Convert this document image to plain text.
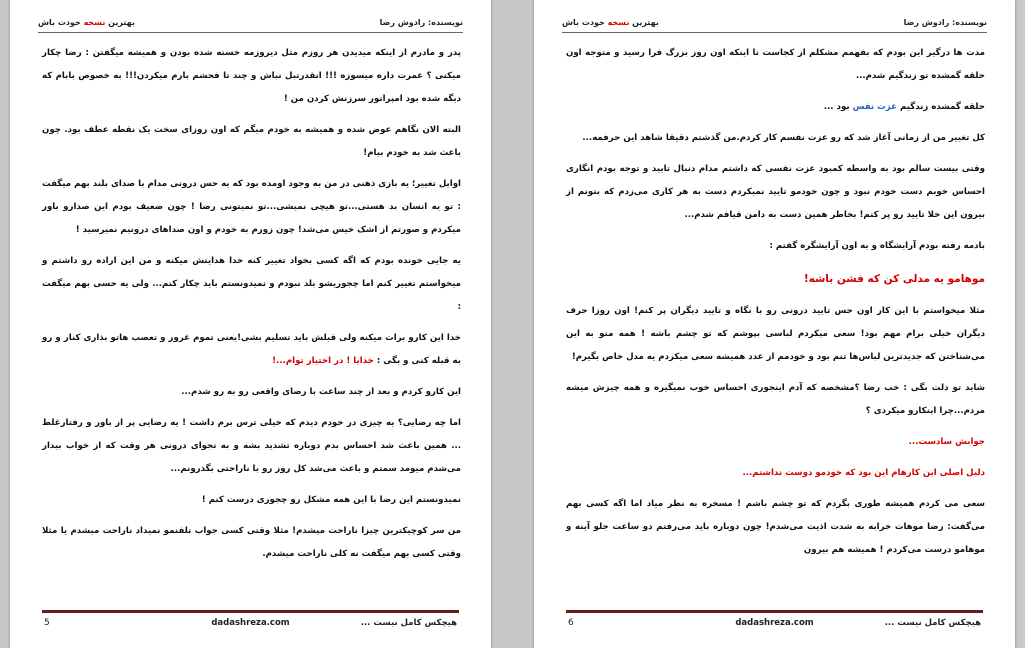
نویسنده: رادوش رضا
بهترین نسخه خودت باش

پدر و مادرم از اینکه میدیدن هر روزم مثل دیروزمه خسته شده بودن و همیشه میگفتن : رضا چکار میکنی ؟ عمرت داره میسوزه !!! انقدرتبل نباش و چند تا فحشم بارم میکردن!!! به خصوص بابام که دیگه شده بود امپراتور سرزنش کردن من !

البته الان نگاهم عوض شده و همیشه به خودم میگم که اون روزای سخت یک نقطه عطف بود. چون باعث شد به خودم بیام!

اوایل تغییر؛ یه بازی ذهنی در من به وجود اومده بود که یه حس درونی مدام با صدای بلند بهم میگفت : تو یه انسان بد هستی...تو هیچی نمیشی...تو نمیتونی رضا ! چون ضعیف بودم این صدارو باور میکردم و صورتم از اشک خیس می‌شد! چون زورم به خودم و اون صداهای درونیم نمیرسید !

یه جایی خونده بودم که اگه کسی بخواد تغییر کنه خدا هدایتش میکنه و من این اراده رو داشتم و میخواستم تغییر کنم اما چجوریشو بلد نبودم و نمیدونستم باید چکار کنم... ولی یه حسی بهم میگفت :

خدا این کارو برات میکنه ولی قبلش باید تسلیم بشی!یعنی تموم غرور و تعصب هاتو بذاری کنار و رو به قبله کنی و بگی : خدایا ! در اختیار توام...!

این کارو کردم و بعد از چند ساعت با رضای واقعی رو به رو شدم...

اما چه رضایی؟ یه چیزی در خودم دیدم که خیلی ترس برم داشت ! یه رضایی پر از باور و رفتارغلط ... همین باعث شد احساس بدم دوباره تشدید بشه و به نجوای درونی هر وقت که از خواب بیدار می‌شدم میومد سمتم و باعث می‌شد کل روز رو با ناراحتی بگذرونم...

نمیدونستم این رضا با این همه مشکل رو چجوری درست کنم !

من سر کوچیکترین چیزا ناراحت میشدم! مثلا وقتی کسی جواب تلفنمو نمیداد ناراحت میشدم یا مثلا وقتی کسی بهم میگفت نه کلی ناراحت میشدم.

هیچکس کامل نیست ...
dadashreza.com
5
نویسنده: رادوش رضا
بهترین نسخه خودت باش

مدت ها درگیر این بودم که بفهمم مشکلم از کجاست تا اینکه اون روز بزرگ فرا رسید و متوجه اون حلقه گمشده تو زندگیم شدم...

حلقه گمشده زندگیم عزت نفس بود ...

کل تغییر من از زمانی آغاز شد که رو عزت نفسم کار کردم.من گذشتم دقیقا شاهد این حرفمه...

وقتی بیست سالم بود به واسطه کمبود عزت نفسی که داشتم مدام دنبال تایید و توجه بودم انگاری احساس خوبم دست خودم نبود و چون خودمو تایید نمیکردم دست به هر کاری می‌زدم که بتونم از بیرون این خلا تایید رو پر کنم! بخاطر همین دست به دامن قیافم شدم...

بادمه رفته بودم آرایشگاه و به اون آرایشگره گفتم :

موهامو یه مدلی کن که فشن باشه!

مثلا میخواستم با این کار اون حس تایید درونی رو با نگاه و تایید دیگران پر کنم! اون روزا حرف دیگران خیلی برام مهم بود! سعی میکردم لباسی بپوشم که تو چشم باشه ! همه منو به این می‌شناختن که جدیدترین لباس‌ها تنم بود و خودمم از عدد همیشه سعی میکردم یه مدل خاص بگیرم!

شاید تو دلت بگی : خب رضا ؟مشخصه که آدم اینجوری احساس خوب نمیگیره و همه چیزش میشه مردم...چرا اینکارو میکردی ؟

جوابش سادست...

دلیل اصلی این کارهام این بود که خودمو دوست نداشتم...

سعی می کردم همیشه طوری بگردم که تو چشم باشم ! مسخره به نظر میاد اما اگه کسی بهم می‌گفت: رضا موهات خرابه به شدت اذیت می‌شدم! چون دوباره باید می‌رفتم دو ساعت جلو آینه و موهامو درست می‌کردم ! همیشه هم بیرون

هیچکس کامل نیست ...
dadashreza.com
6
